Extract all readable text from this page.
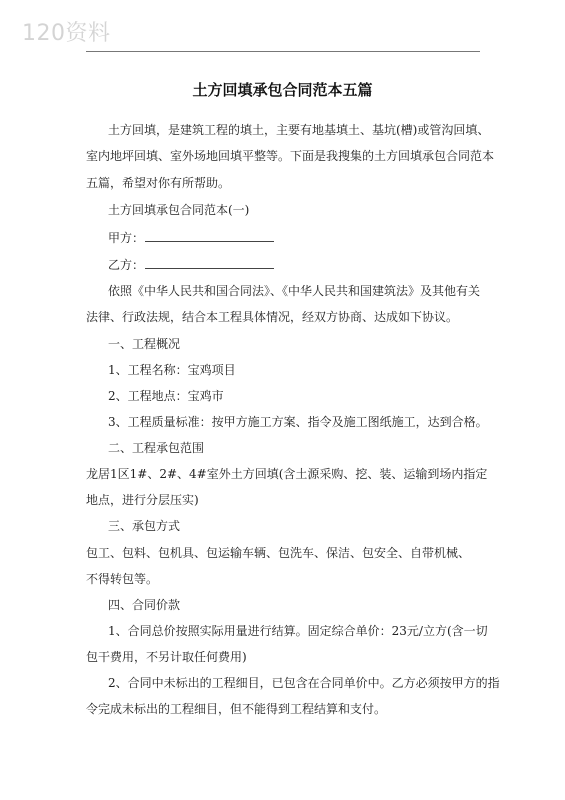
120资料
土方回填承包合同范本五篇
土方回填，是建筑工程的填土，主要有地基填土、基坑(槽)或管沟回填、
室内地坪回填、室外场地回填平整等。下面是我搜集的土方回填承包合同范本
五篇，希望对你有所帮助。
土方回填承包合同范本(一)
甲方：
乙方：
依照《中华人民共和国合同法》、《中华人民共和国建筑法》及其他有关
法律、行政法规，结合本工程具体情况，经双方协商、达成如下协议。
一、工程概况
1、工程名称：宝鸡项目
2、工程地点：宝鸡市
3、工程质量标准：按甲方施工方案、指令及施工图纸施工，达到合格。
二、工程承包范围
龙居1区1#、2#、4#室外土方回填(含土源采购、挖、装、运输到场内指定
地点，进行分层压实)
三、承包方式
包工、包料、包机具、包运输车辆、包洗车、保洁、包安全、自带机械、
不得转包等。
四、合同价款
1、合同总价按照实际用量进行结算。固定综合单价：23元/立方(含一切
包干费用，不另计取任何费用)
2、合同中未标出的工程细目，已包含在合同单价中。乙方必须按甲方的指
令完成未标出的工程细目，但不能得到工程结算和支付。
